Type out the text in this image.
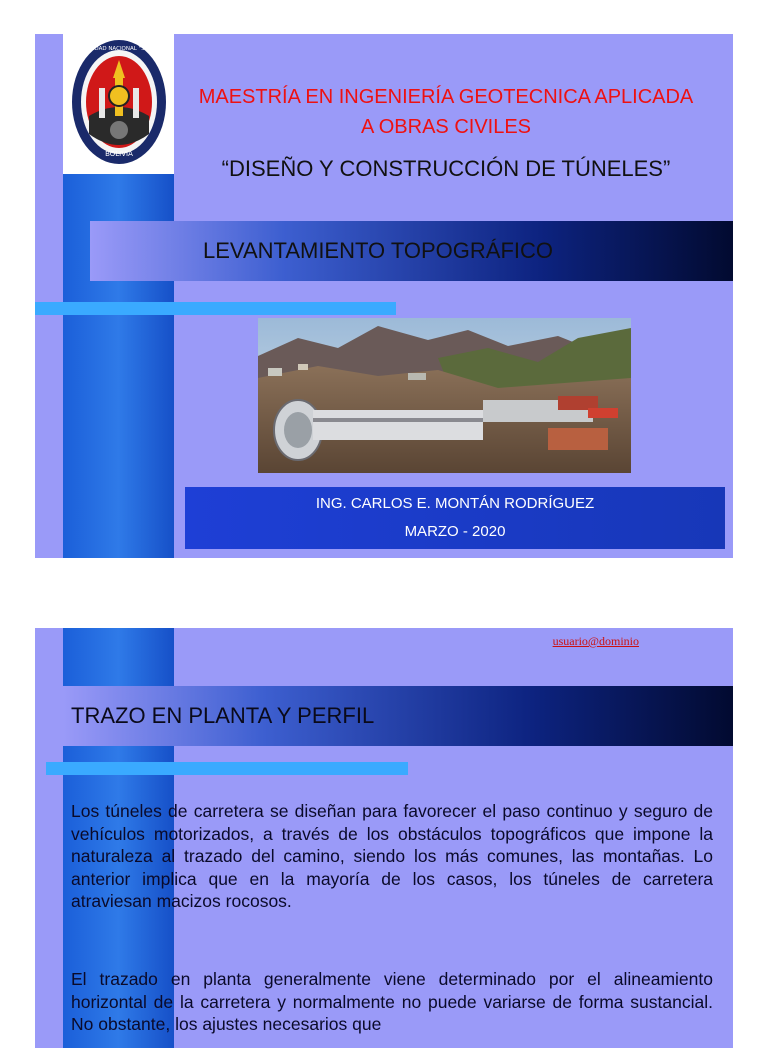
BOLIVIA
UNIVERSIDAD NACIONAL "SIGLO XX"
MAESTRÍA EN INGENIERÍA GEOTECNICA APLICADA
A OBRAS CIVILES
“DISEÑO Y CONSTRUCCIÓN DE TÚNELES”
LEVANTAMIENTO TOPOGRÁFICO
ING. CARLOS E. MONTÁN RODRÍGUEZ
MARZO - 2020
usuario@dominio
TRAZO EN PLANTA Y PERFIL
Los túneles de carretera se diseñan para favorecer el paso continuo y seguro de vehículos motorizados, a través de los obstáculos topográficos que impone la naturaleza al trazado del camino, siendo los más comunes, las montañas. Lo anterior implica que en la mayoría de los casos, los túneles de carretera atraviesan macizos rocosos.
El trazado en planta generalmente viene determinado por el alineamiento horizontal de la carretera y normalmente no puede variarse de forma sustancial. No obstante, los ajustes necesarios que
